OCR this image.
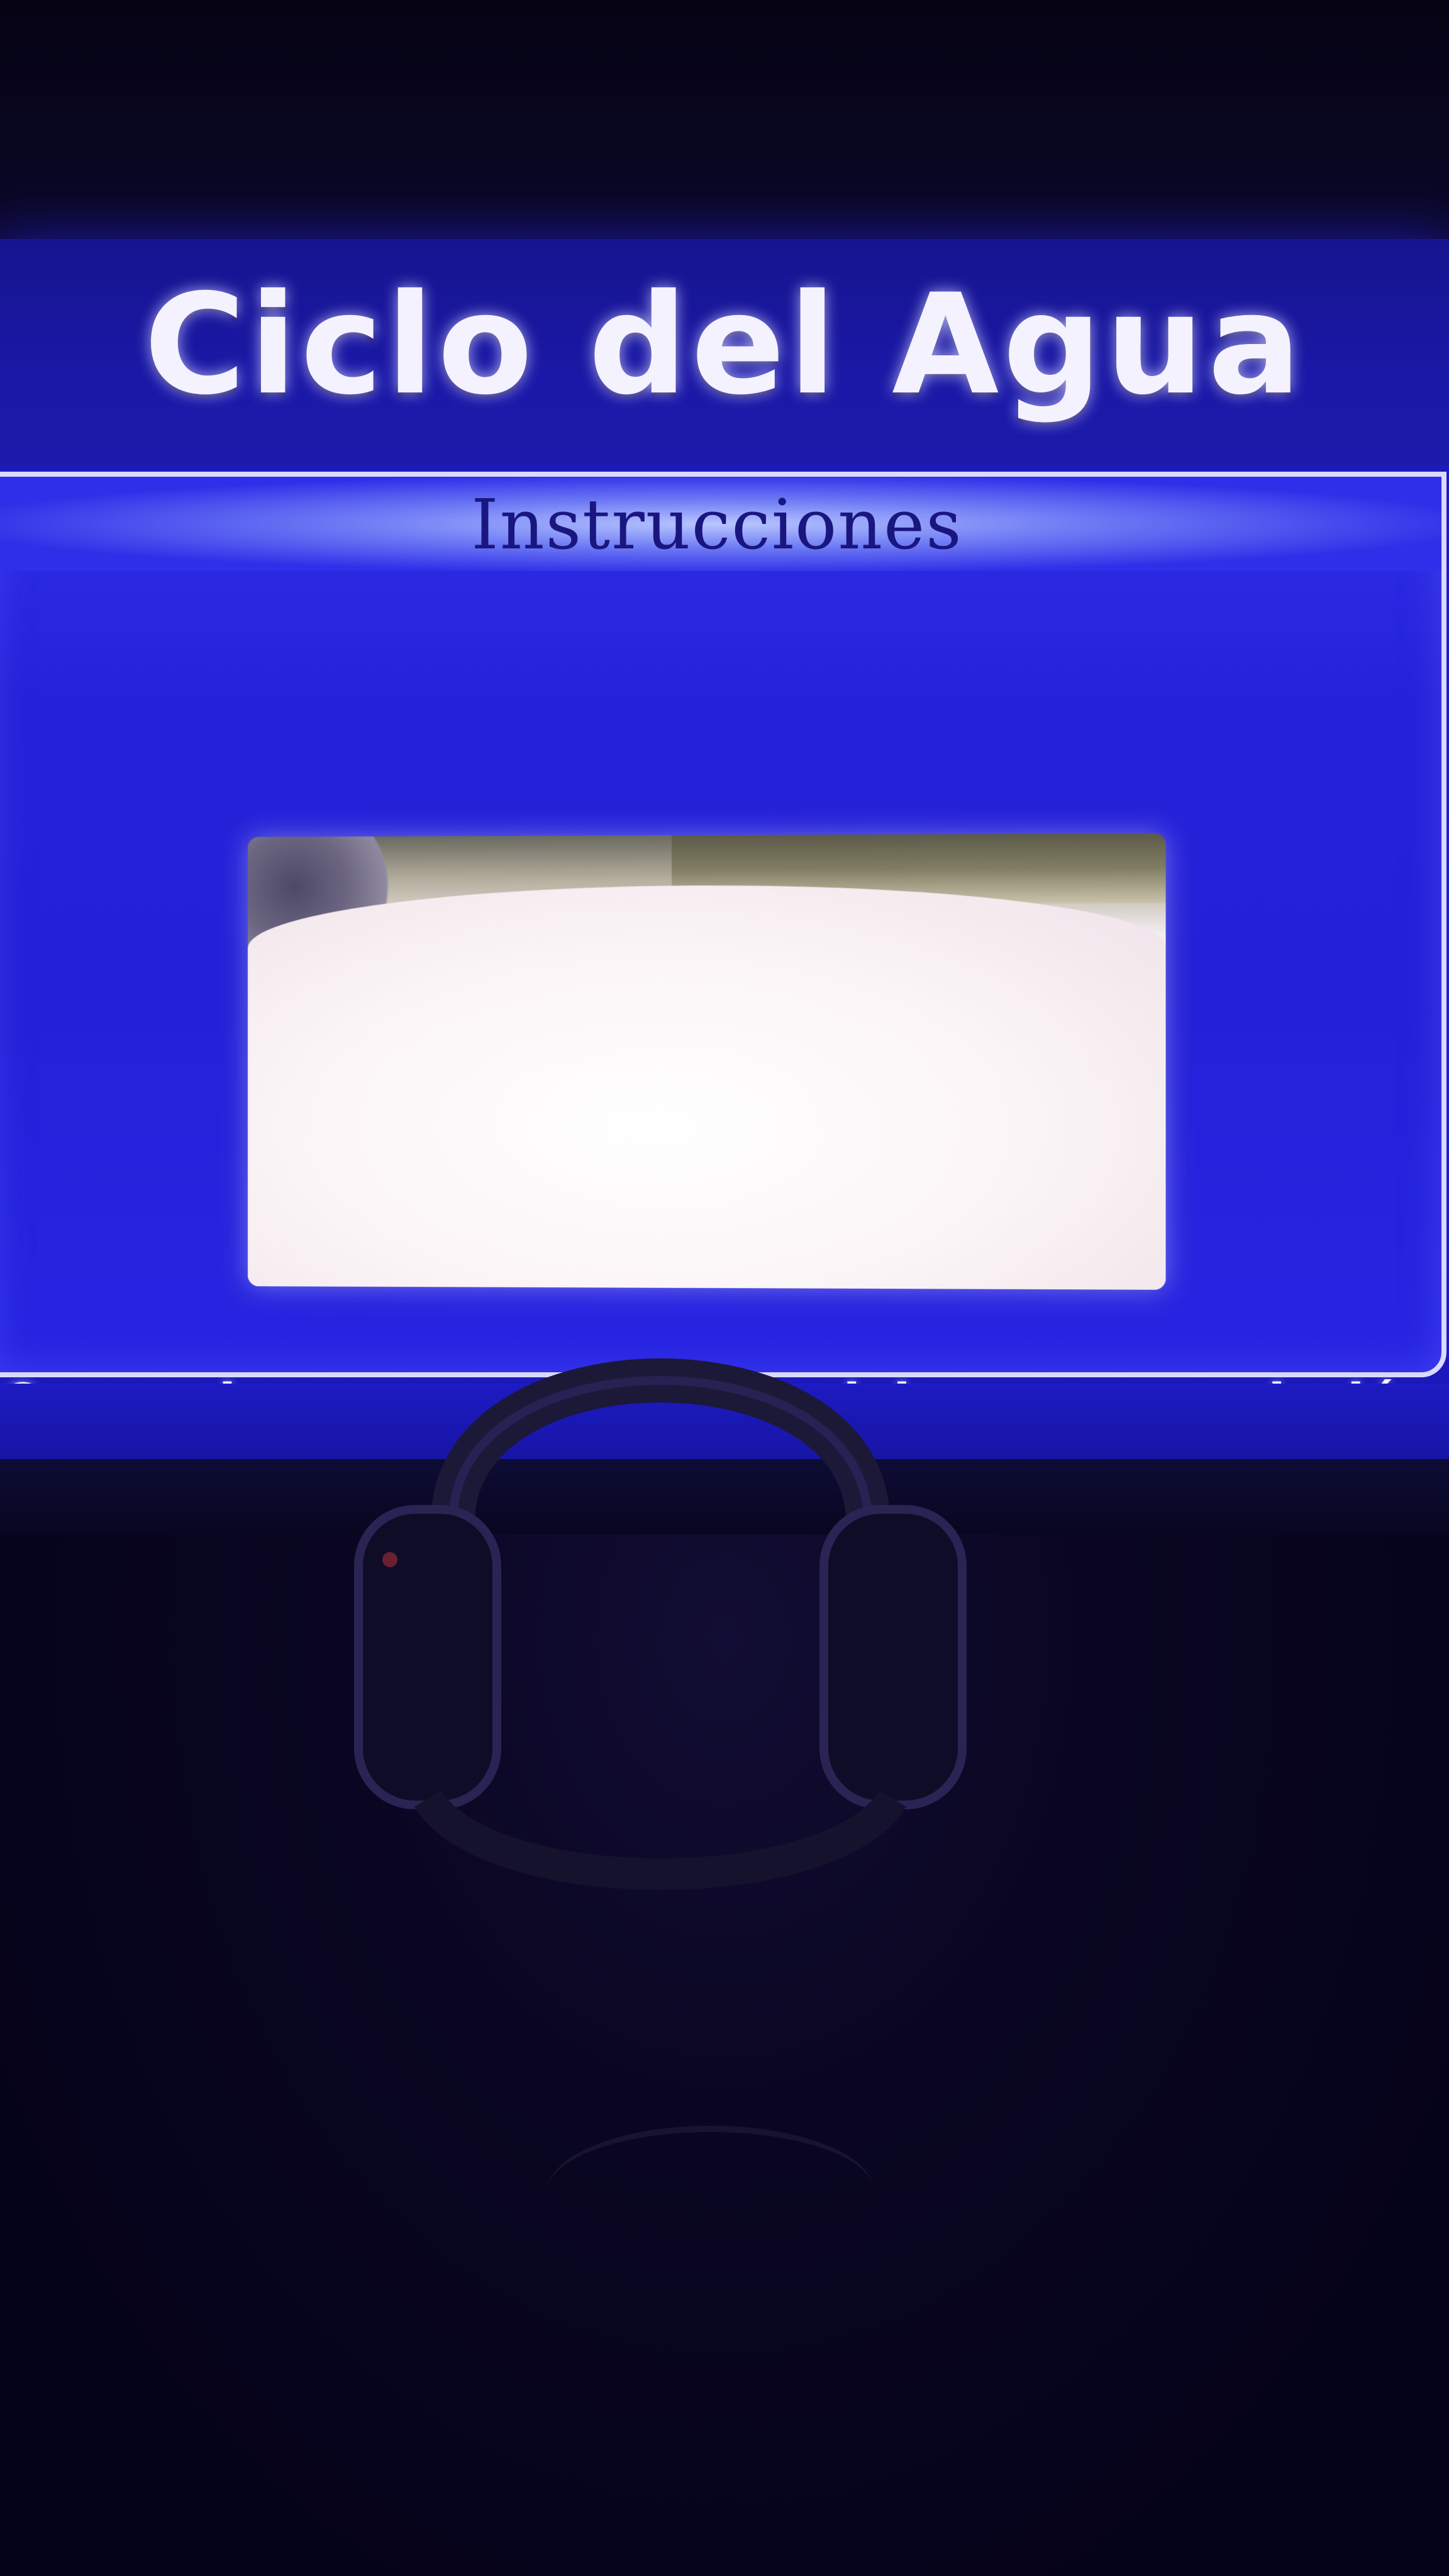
Ciclo del Agua
Instrucciones
